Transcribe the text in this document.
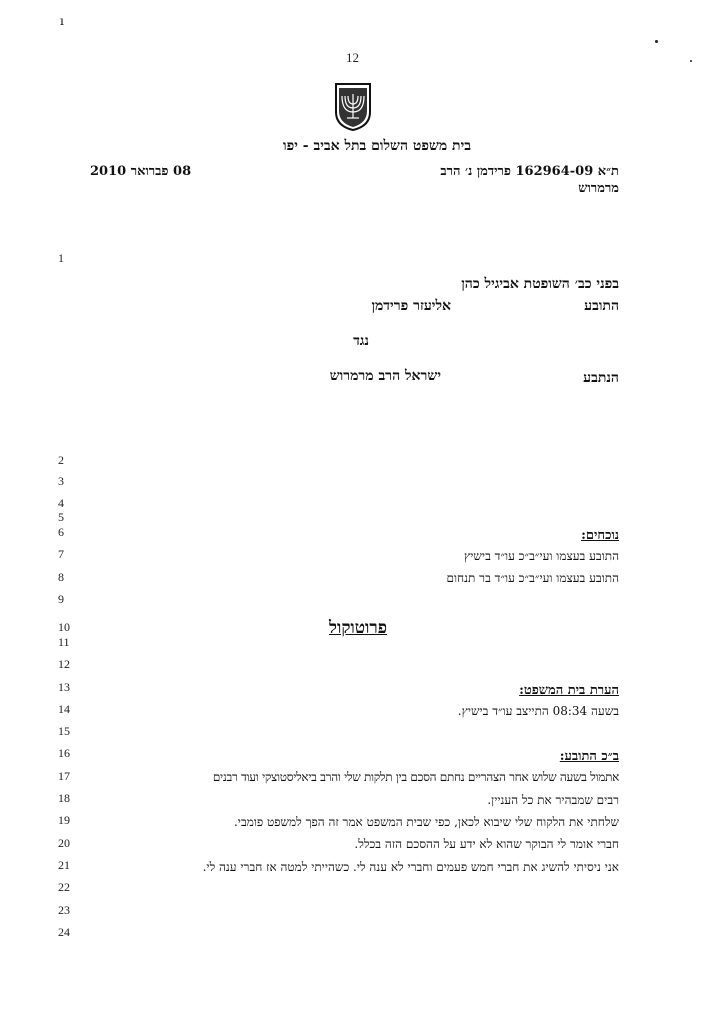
ı
12
בית משפט השלום בתל אביב - יפו
ת״א 162964-09 פרידמן נ׳ הרב
מרמרוש
08 פברואר 2010
1
2
3
4
5
6
7
8
9
10
11
12
13
14
15
16
17
18
19
20
21
22
23
24
בפני כב׳ השופטת אביגיל כהן
התובע
אליעזר פרידמן
נגד
הנתבע
ישראל הרב מרמרוש
נוכחים:
התובע בעצמו ועי״ב״כ עו״ד בישיץ
התובע בעצמו ועי״ב״כ עו״ד בר תנחום
פרוטוקול
הערת בית המשפט:
בשעה 08:34 התייצב עו״ד בישיץ.
ב״כ התובע:
אתמול בשעה שלוש אחר הצהריים נחתם הסכם בין תלקות שלי והרב ביאליסטוצקי ועוד רבנים
רבים שמבהיר את כל העניין.
שלחתי את הלקוח שלי שיבוא לכאן, כפי שבית המשפט אמר זה הפך למשפט פומבי.
חברי אומר לי הבוקר שהוא לא ידע על ההסכם הזה בכלל.
אני ניסיתי להשיג את חברי חמש פעמים וחברי לא ענה לי. כשהייתי למטה אז חברי ענה לי.
